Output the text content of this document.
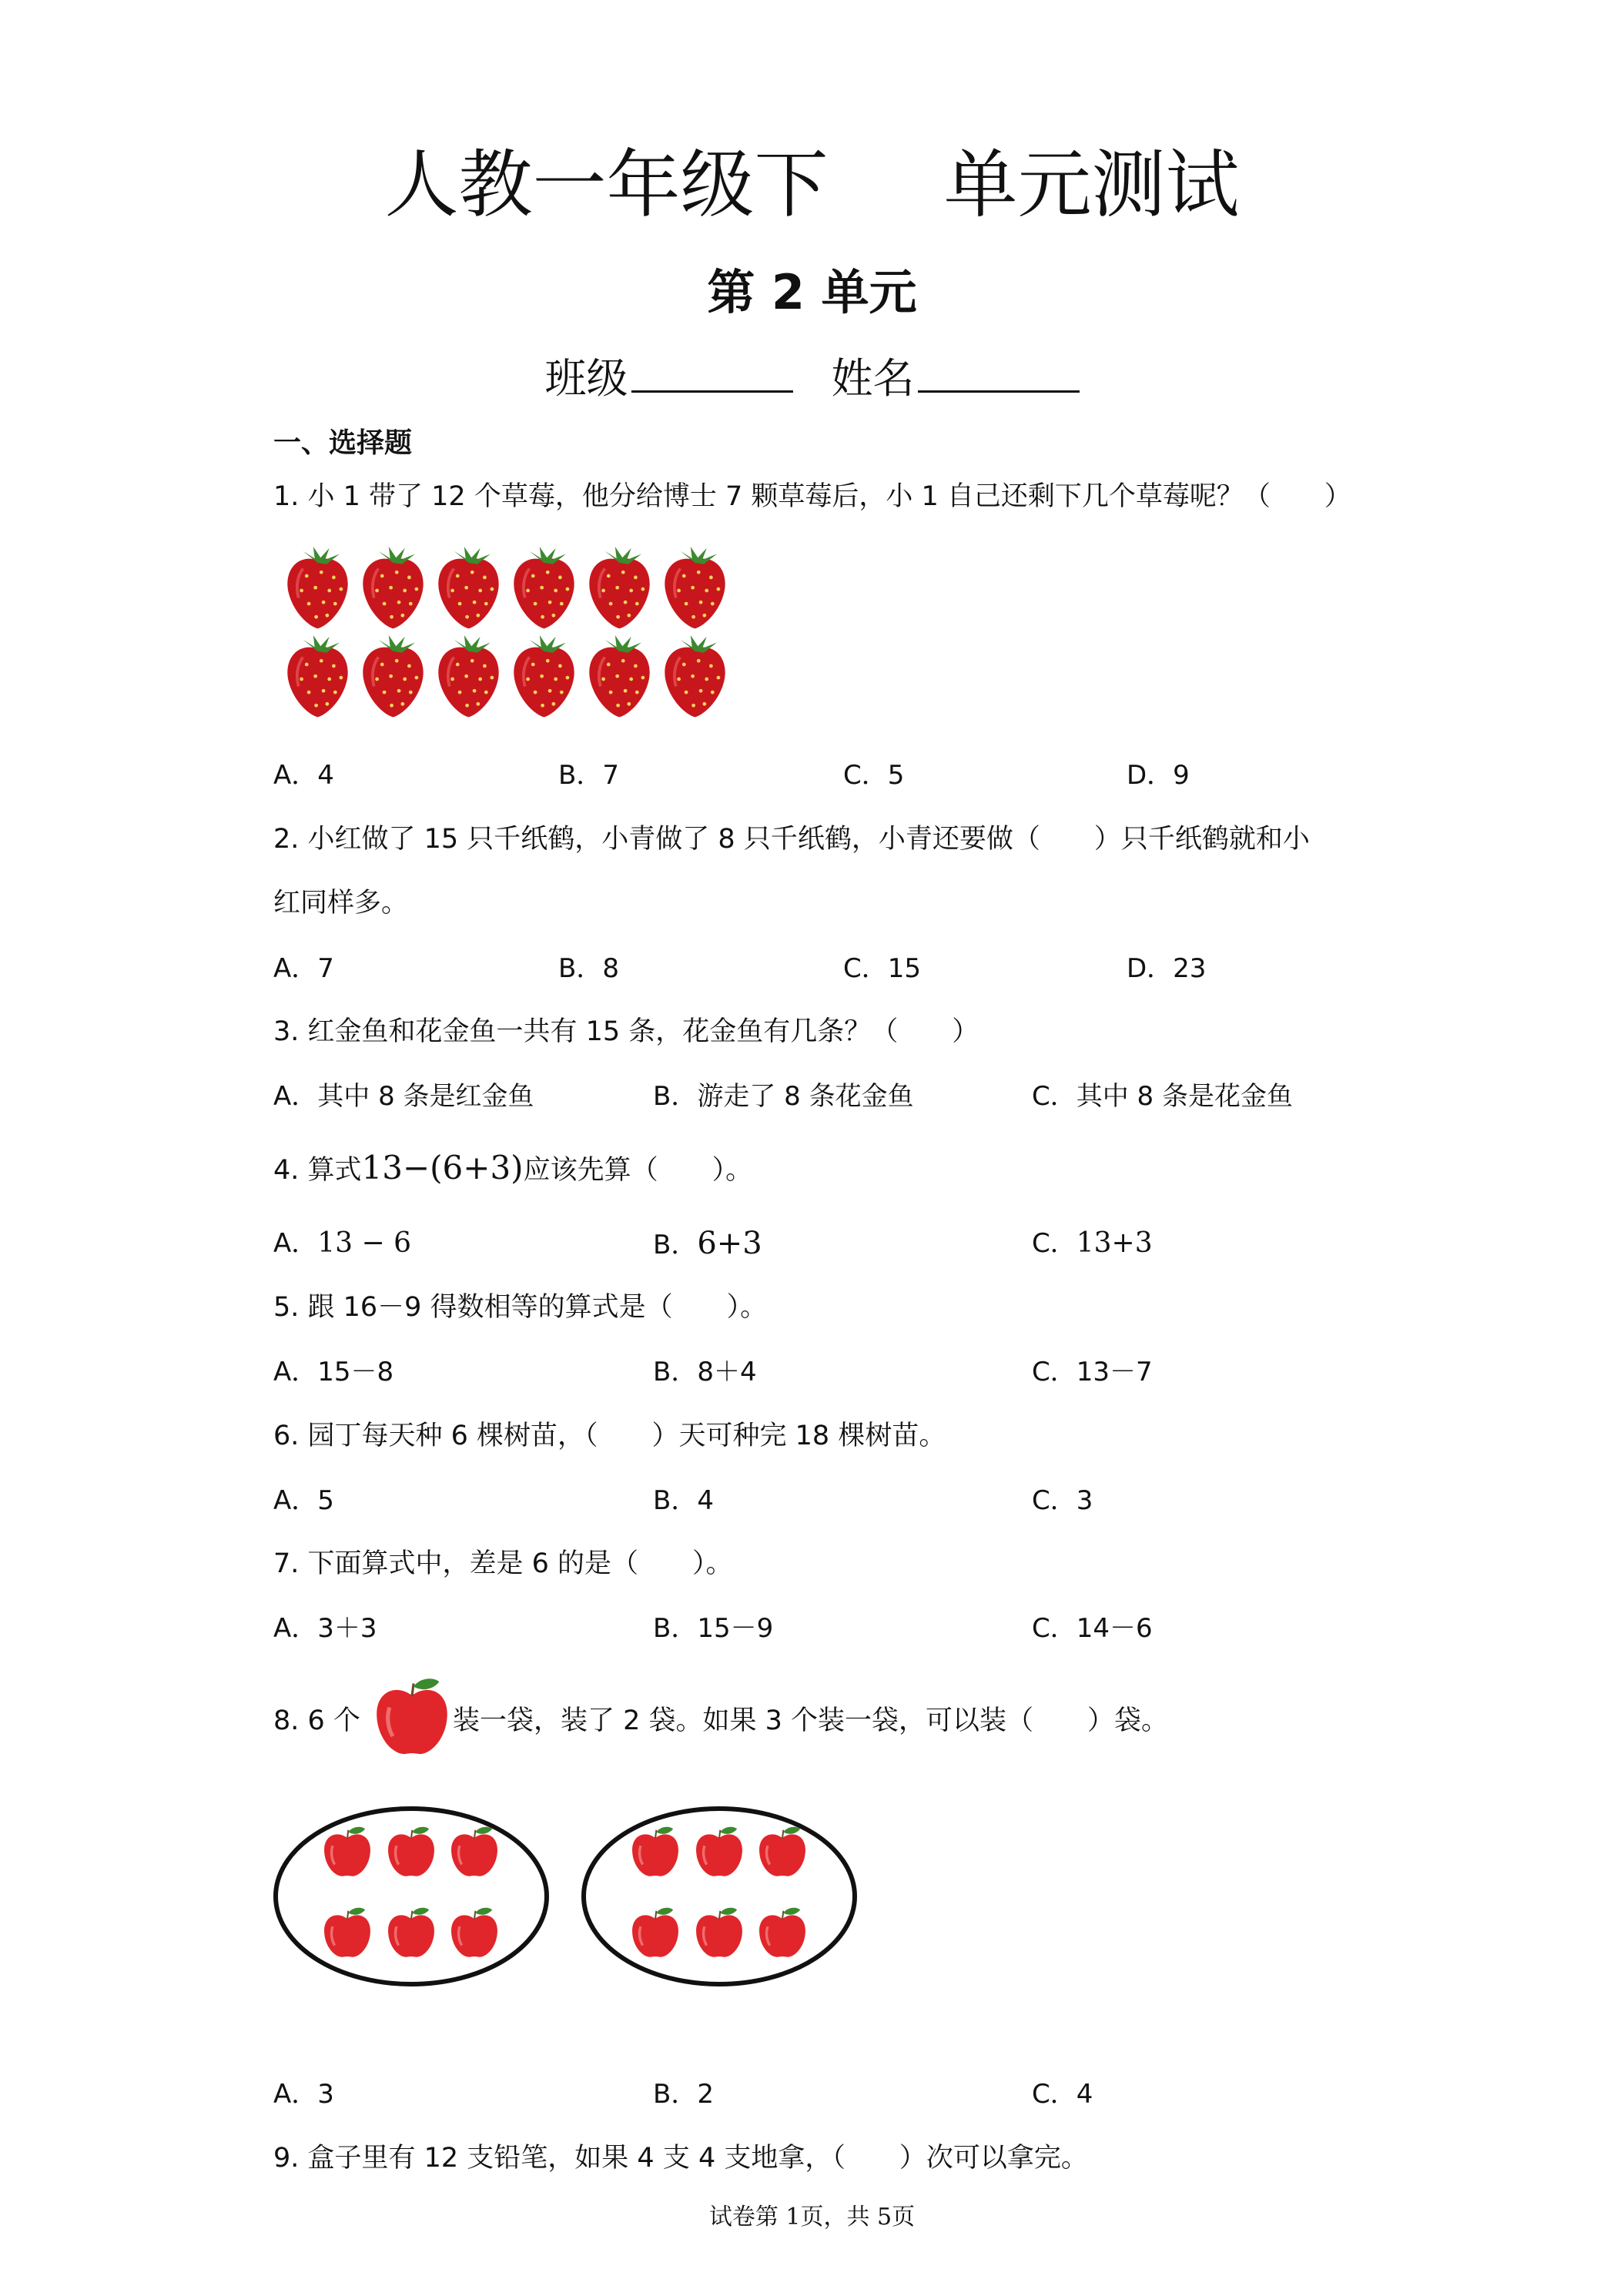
人教一年级下 单元测试
第 2 单元
班级	姓名
一、选择题
1. 小 1 带了 12 个草莓，他分给博士 7 颗草莓后，小 1 自己还剩下几个草莓呢？（　　）
A．4	B．7	C．5	D．9
2. 小红做了 15 只千纸鹤，小青做了 8 只千纸鹤，小青还要做（　　）只千纸鹤就和小
红同样多。
A．7	B．8	C．15	D．23
3. 红金鱼和花金鱼一共有 15 条，花金鱼有几条？（　　）
A．其中 8 条是红金鱼	B．游走了 8 条花金鱼	C．其中 8 条是花金鱼
4. 算式13−(6+3)应该先算（　　）。
A．13 − 6	B．6+3	C．13+3
5. 跟 16－9 得数相等的算式是（　　）。
A．15－8	B．8＋4	C．13－7
6. 园丁每天种 6 棵树苗，（　　）天可种完 18 棵树苗。
A．5	B．4	C．3
7. 下面算式中，差是 6 的是（　　）。
A．3＋3	B．15－9	C．14－6
8. 6 个	装一袋，装了 2 袋。如果 3 个装一袋，可以装（　　）袋。
A．3	B．2	C．4
9. 盒子里有 12 支铅笔，如果 4 支 4 支地拿，（　　）次可以拿完。
试卷第 1页，共 5页
